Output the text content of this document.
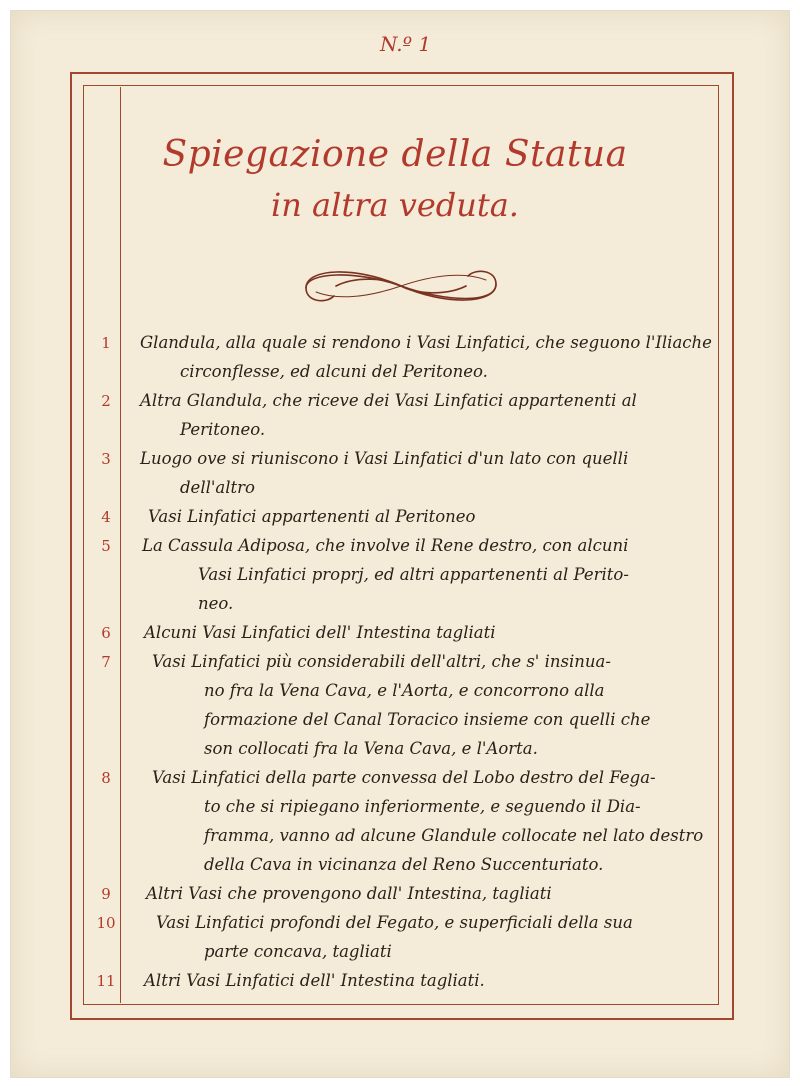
N.º 1
Spiegazione della Statua
in altra veduta.
1	Glandula, alla quale si rendono i Vasi Linfatici, che seguono l'Iliache
circonflesse, ed alcuni del Peritoneo.
2	Altra Glandula, che riceve dei Vasi Linfatici appartenenti al
Peritoneo.
3	Luogo ove si riuniscono i Vasi Linfatici d'un lato con quelli
dell'altro
4	Vasi Linfatici appartenenti al Peritoneo
5	La Cassula Adiposa, che involve il Rene destro, con alcuni
Vasi Linfatici proprj, ed altri appartenenti al Perito-
neo.
6	Alcuni Vasi Linfatici dell' Intestina tagliati
7	Vasi Linfatici più considerabili dell'altri, che s' insinua-
no fra la Vena Cava, e l'Aorta, e concorrono alla
formazione del Canal Toracico insieme con quelli che
son collocati fra la Vena Cava, e l'Aorta.
8	Vasi Linfatici della parte convessa del Lobo destro del Fega-
to che si ripiegano inferiormente, e seguendo il Dia-
framma, vanno ad alcune Glandule collocate nel lato destro
della Cava in vicinanza del Reno Succenturiato.
9	Altri Vasi che provengono dall' Intestina, tagliati
10	Vasi Linfatici profondi del Fegato, e superficiali della sua
parte concava, tagliati
11	Altri Vasi Linfatici dell' Intestina tagliati.
